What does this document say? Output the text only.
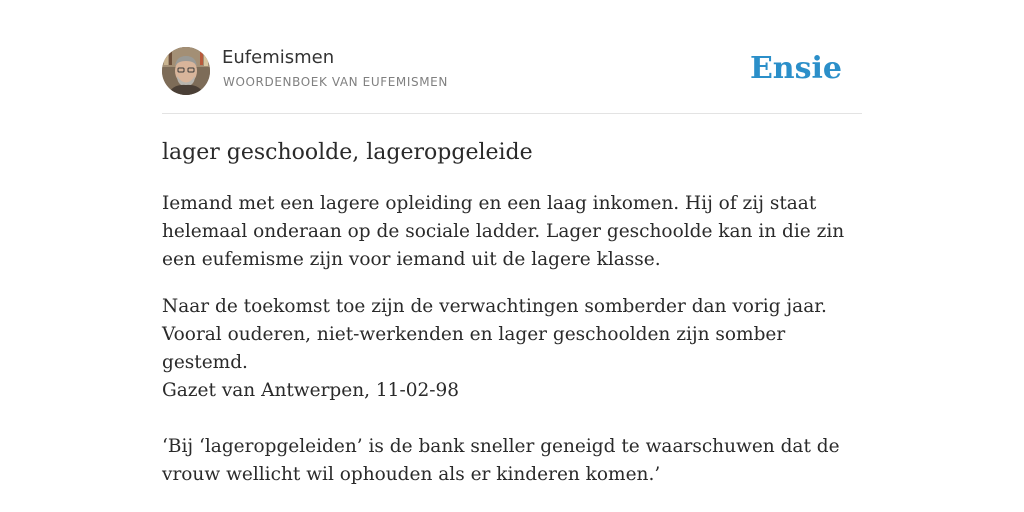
Eufemismen
WOORDENBOEK VAN EUFEMISMEN	Ensie
lager geschoolde, lageropgeleide

Iemand met een lagere opleiding en een laag inkomen. Hij of zij staat helemaal onderaan op de sociale ladder. Lager geschoolde kan in die zin een eufemisme zijn voor iemand uit de lagere klasse.

Naar de toekomst toe zijn de verwachtingen somberder dan vorig jaar. Vooral ouderen, niet-werkenden en lager geschoolden zijn somber gestemd.

Gazet van Antwerpen, 11-02-98

‘Bij ‘lageropgeleiden’ is de bank sneller geneigd te waarschuwen dat de vrouw wellicht wil ophouden als er kinderen komen.’
